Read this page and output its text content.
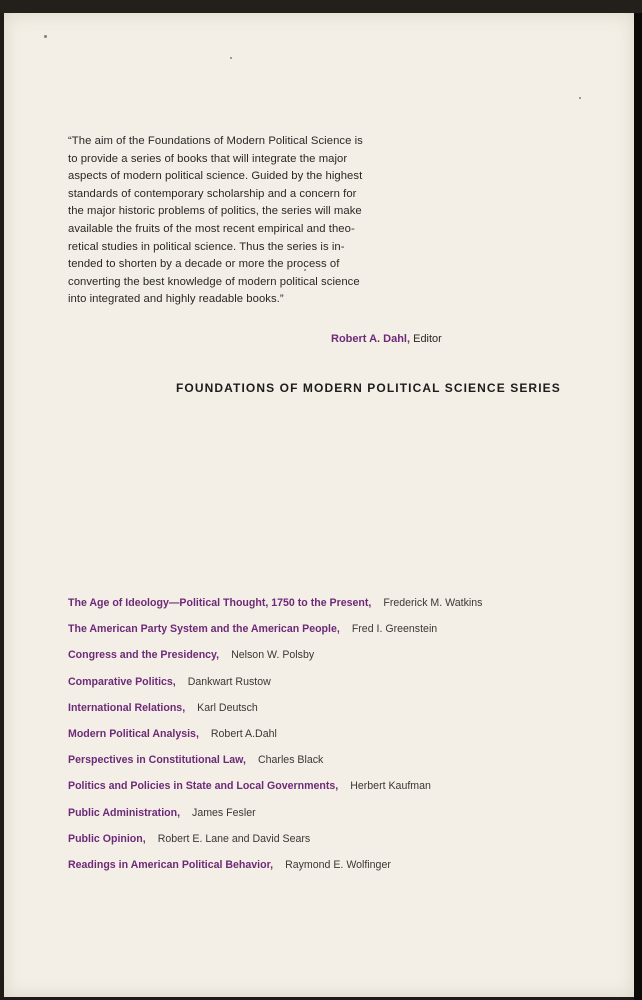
“The aim of the Foundations of Modern Political Science is
to provide a series of books that will integrate the major
aspects of modern political science. Guided by the highest
standards of contemporary scholarship and a concern for
the major historic problems of politics, the series will make
available the fruits of the most recent empirical and theo-
retical studies in political science. Thus the series is in-
tended to shorten by a decade or more the process of
converting the best knowledge of modern political science
into integrated and highly readable books.”
Robert A. Dahl, Editor
FOUNDATIONS OF MODERN POLITICAL SCIENCE SERIES
The Age of Ideology—Political Thought, 1750 to the Present, Frederick M. Watkins
The American Party System and the American People, Fred I. Greenstein
Congress and the Presidency, Nelson W. Polsby
Comparative Politics, Dankwart Rustow
International Relations, Karl Deutsch
Modern Political Analysis, Robert A.Dahl
Perspectives in Constitutional Law, Charles Black
Politics and Policies in State and Local Governments, Herbert Kaufman
Public Administration, James Fesler
Public Opinion, Robert E. Lane and David Sears
Readings in American Political Behavior, Raymond E. Wolfinger
